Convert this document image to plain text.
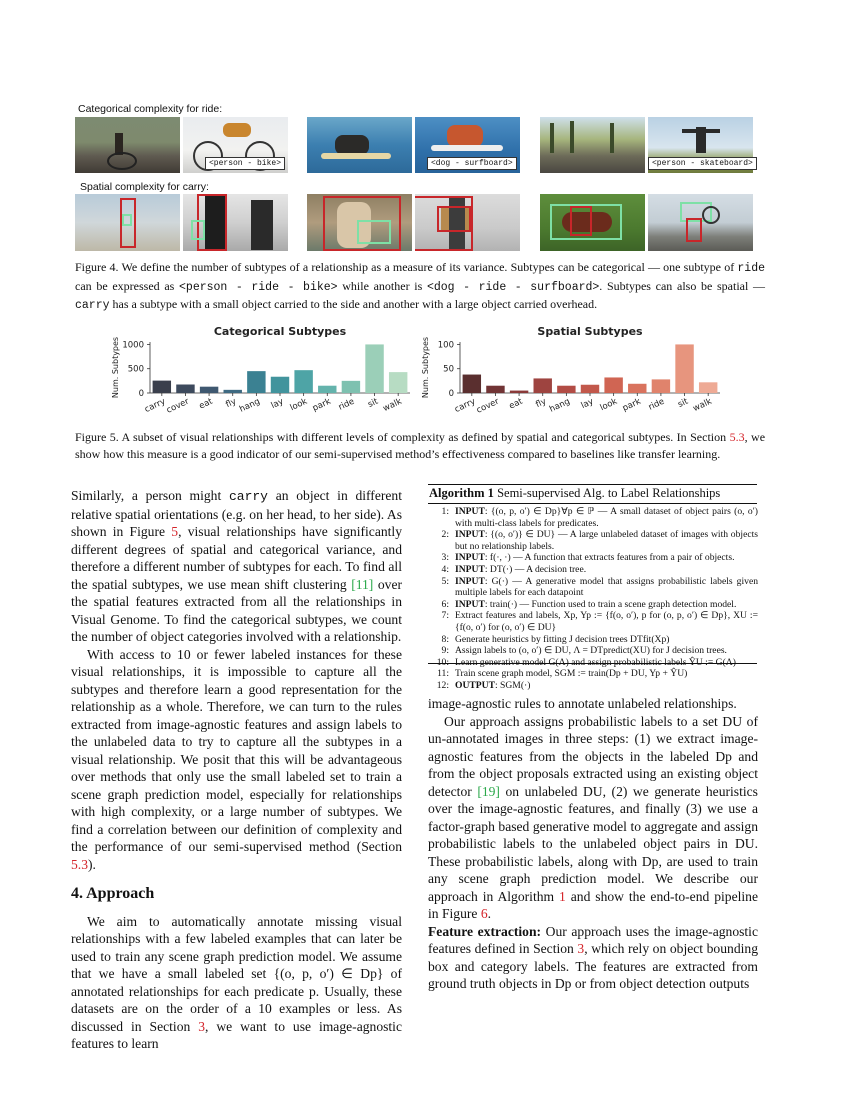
Categorical complexity for ride:
<person - bike>	<dog - surfboard>	<person - skateboard>
Spatial complexity for carry:
Figure 4. We define the number of subtypes of a relationship as a measure of its variance. Subtypes can be categorical — one subtype of ride can be expressed as <person - ride - bike> while another is <dog - ride - surfboard>. Subtypes can also be spatial — carry has a subtype with a small object carried to the side and another with a large object carried overhead.
Categorical Subtypes
Num. Subtypes 0
500
1000
carry
cover eat fly hang lay look park ride sit walk
Spatial Subtypes
Num. Subtypes 0
50
100
carry
cover eat fly hang lay look park ride sit walk
Figure 5. A subset of visual relationships with different levels of complexity as defined by spatial and categorical subtypes. In Section 5.3, we show how this measure is a good indicator of our semi-supervised method’s effectiveness compared to baselines like transfer learning.

Similarly, a person might carry an object in different relative spatial orientations (e.g. on her head, to her side). As shown in Figure 5, visual relationships have significantly different degrees of spatial and categorical variance, and therefore a different number of subtypes for each. To find all the spatial subtypes, we use mean shift clustering [11] over the spatial features extracted from all the relationships in Visual Genome. To find the categorical subtypes, we count the number of object categories involved with a relationship.

With access to 10 or fewer labeled instances for these visual relationships, it is impossible to capture all the subtypes and therefore learn a good representation for the relationship as a whole. Therefore, we can turn to the rules extracted from image-agnostic features and assign labels to the unlabeled data to try to capture all the subtypes in a visual relationship. We posit that this will be advantageous over methods that only use the small labeled set to train a scene graph prediction model, especially for relationships with high complexity, or a large number of subtypes. We find a correlation between our definition of complexity and the performance of our semi-supervised method (Section 5.3).

4. Approach

We aim to automatically annotate missing visual relationships with a few labeled examples that can later be used to train any scene graph prediction model. We assume that we have a small labeled set {(o, p, o′) ∈ Dp} of annotated relationships for each predicate p. Usually, these datasets are on the order of a 10 examples or less. As discussed in Section 3, we want to use image-agnostic features to learn

Algorithm 1 Semi-supervised Alg. to Label Relationships
1: INPUT: {(o, p, o′) ∈ Dp}∀p ∈ ℙ — A small dataset of object pairs (o, o′) with multi-class labels for predicates.
2: INPUT: {(o, o′)} ∈ DU} — A large unlabeled dataset of images with objects but no relationship labels.
3: INPUT: f(·, ·) — A function that extracts features from a pair of objects.
4: INPUT: DT(·) — A decision tree.
5: INPUT: G(·) — A generative model that assigns probabilistic labels given multiple labels for each datapoint
6: INPUT: train(·) — Function used to train a scene graph detection model.
7: Extract features and labels, Xp, Yp := {f(o, o′), p for (o, p, o′) ∈ Dp}, XU := {f(o, o′) for (o, o′) ∈ DU}
8: Generate heuristics by fitting J decision trees DTfit(Xp)
9: Assign labels to (o, o′) ∈ DU, Λ = DTpredict(XU) for J decision trees.
11: Train scene graph model, SGM := train(Dp + DU, Yp + ŶU)
12: OUTPUT: SGM(·)

image-agnostic rules to annotate unlabeled relationships.

Our approach assigns probabilistic labels to a set DU of un-annotated images in three steps: (1) we extract image-agnostic features from the objects in the labeled Dp and from the object proposals extracted using an existing object detector [19] on unlabeled DU, (2) we generate heuristics over the image-agnostic features, and finally (3) we use a factor-graph based generative model to aggregate and assign probabilistic labels to the unlabeled object pairs in DU. These probabilistic labels, along with Dp, are used to train any scene graph prediction model. We describe our approach in Algorithm 1 and show the end-to-end pipeline in Figure 6.

Feature extraction: Our approach uses the image-agnostic features defined in Section 3, which rely on object bounding box and category labels. The features are extracted from ground truth objects in Dp or from object detection outputs
